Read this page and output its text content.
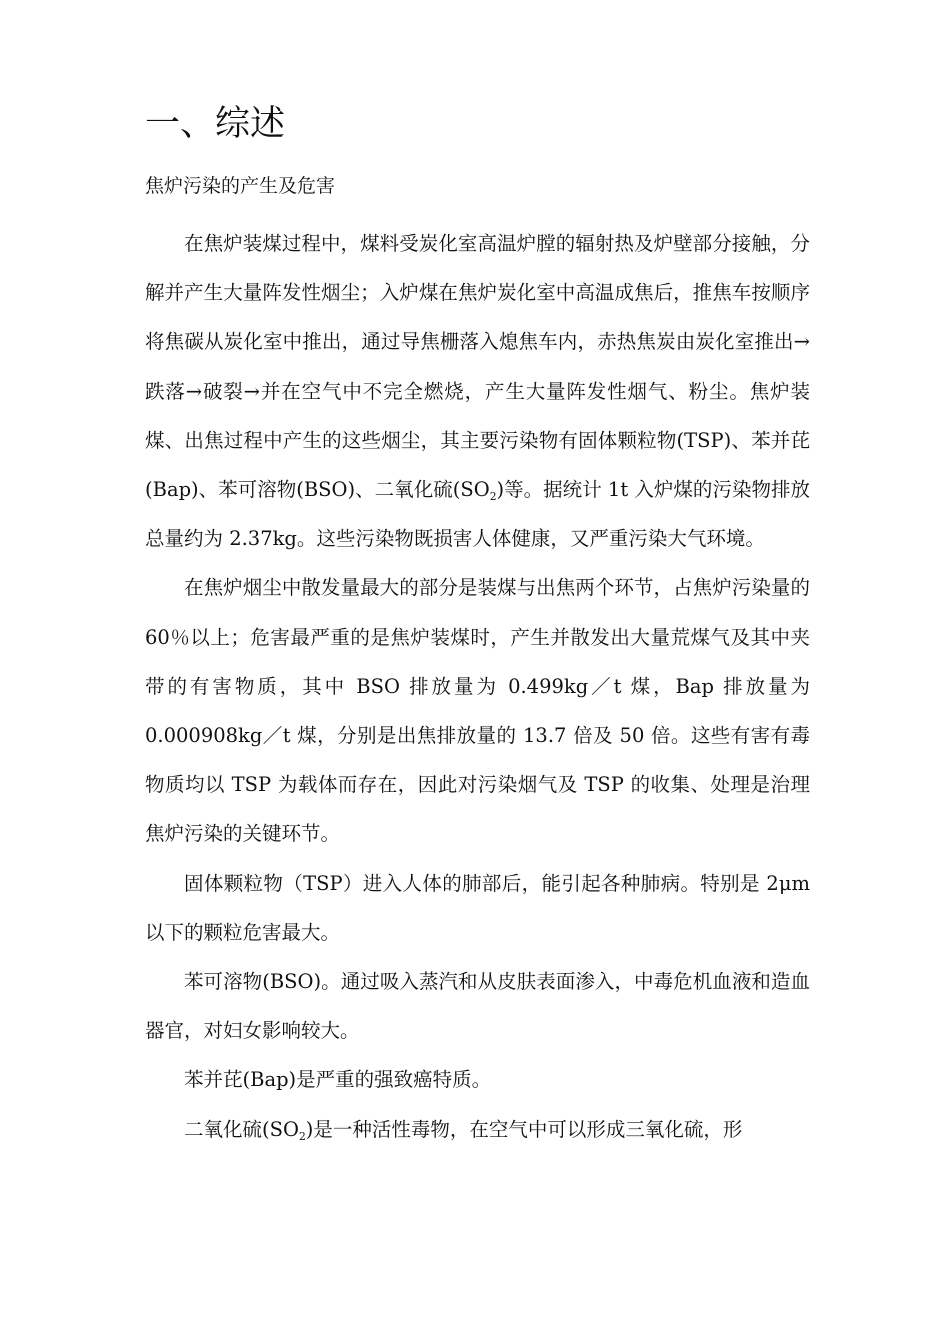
一、综述
焦炉污染的产生及危害

在焦炉装煤过程中，煤料受炭化室高温炉膛的辐射热及炉壁部分接触，分解并产生大量阵发性烟尘；入炉煤在焦炉炭化室中高温成焦后，推焦车按顺序将焦碳从炭化室中推出，通过导焦栅落入熄焦车内，赤热焦炭由炭化室推出→跌落→破裂→并在空气中不完全燃烧，产生大量阵发性烟气、粉尘。焦炉装煤、出焦过程中产生的这些烟尘，其主要污染物有固体颗粒物(TSP)、苯并芘(Bap)、苯可溶物(BSO)、二氧化硫$(SO_2)$等。据统计 1t 入炉煤的污染物排放总量约为 2.37kg。这些污染物既损害人体健康，又严重污染大气环境。

在焦炉烟尘中散发量最大的部分是装煤与出焦两个环节，占焦炉污染量的 60％以上；危害最严重的是焦炉装煤时，产生并散发出大量荒煤气及其中夹带的有害物质，其中 BSO 排放量为 0.499kg／t 煤，Bap 排放量为 0.000908kg／t 煤，分别是出焦排放量的 13.7 倍及 50 倍。这些有害有毒物质均以 TSP 为载体而存在，因此对污染烟气及 TSP 的收集、处理是治理焦炉污染的关键环节。

固体颗粒物（TSP）进入人体的肺部后，能引起各种肺病。特别是 2μm 以下的颗粒危害最大。

苯可溶物(BSO)。通过吸入蒸汽和从皮肤表面渗入，中毒危机血液和造血器官，对妇女影响较大。

苯并芘(Bap)是严重的强致癌特质。

二氧化硫$(SO_2)$是一种活性毒物，在空气中可以形成三氧化硫，形
